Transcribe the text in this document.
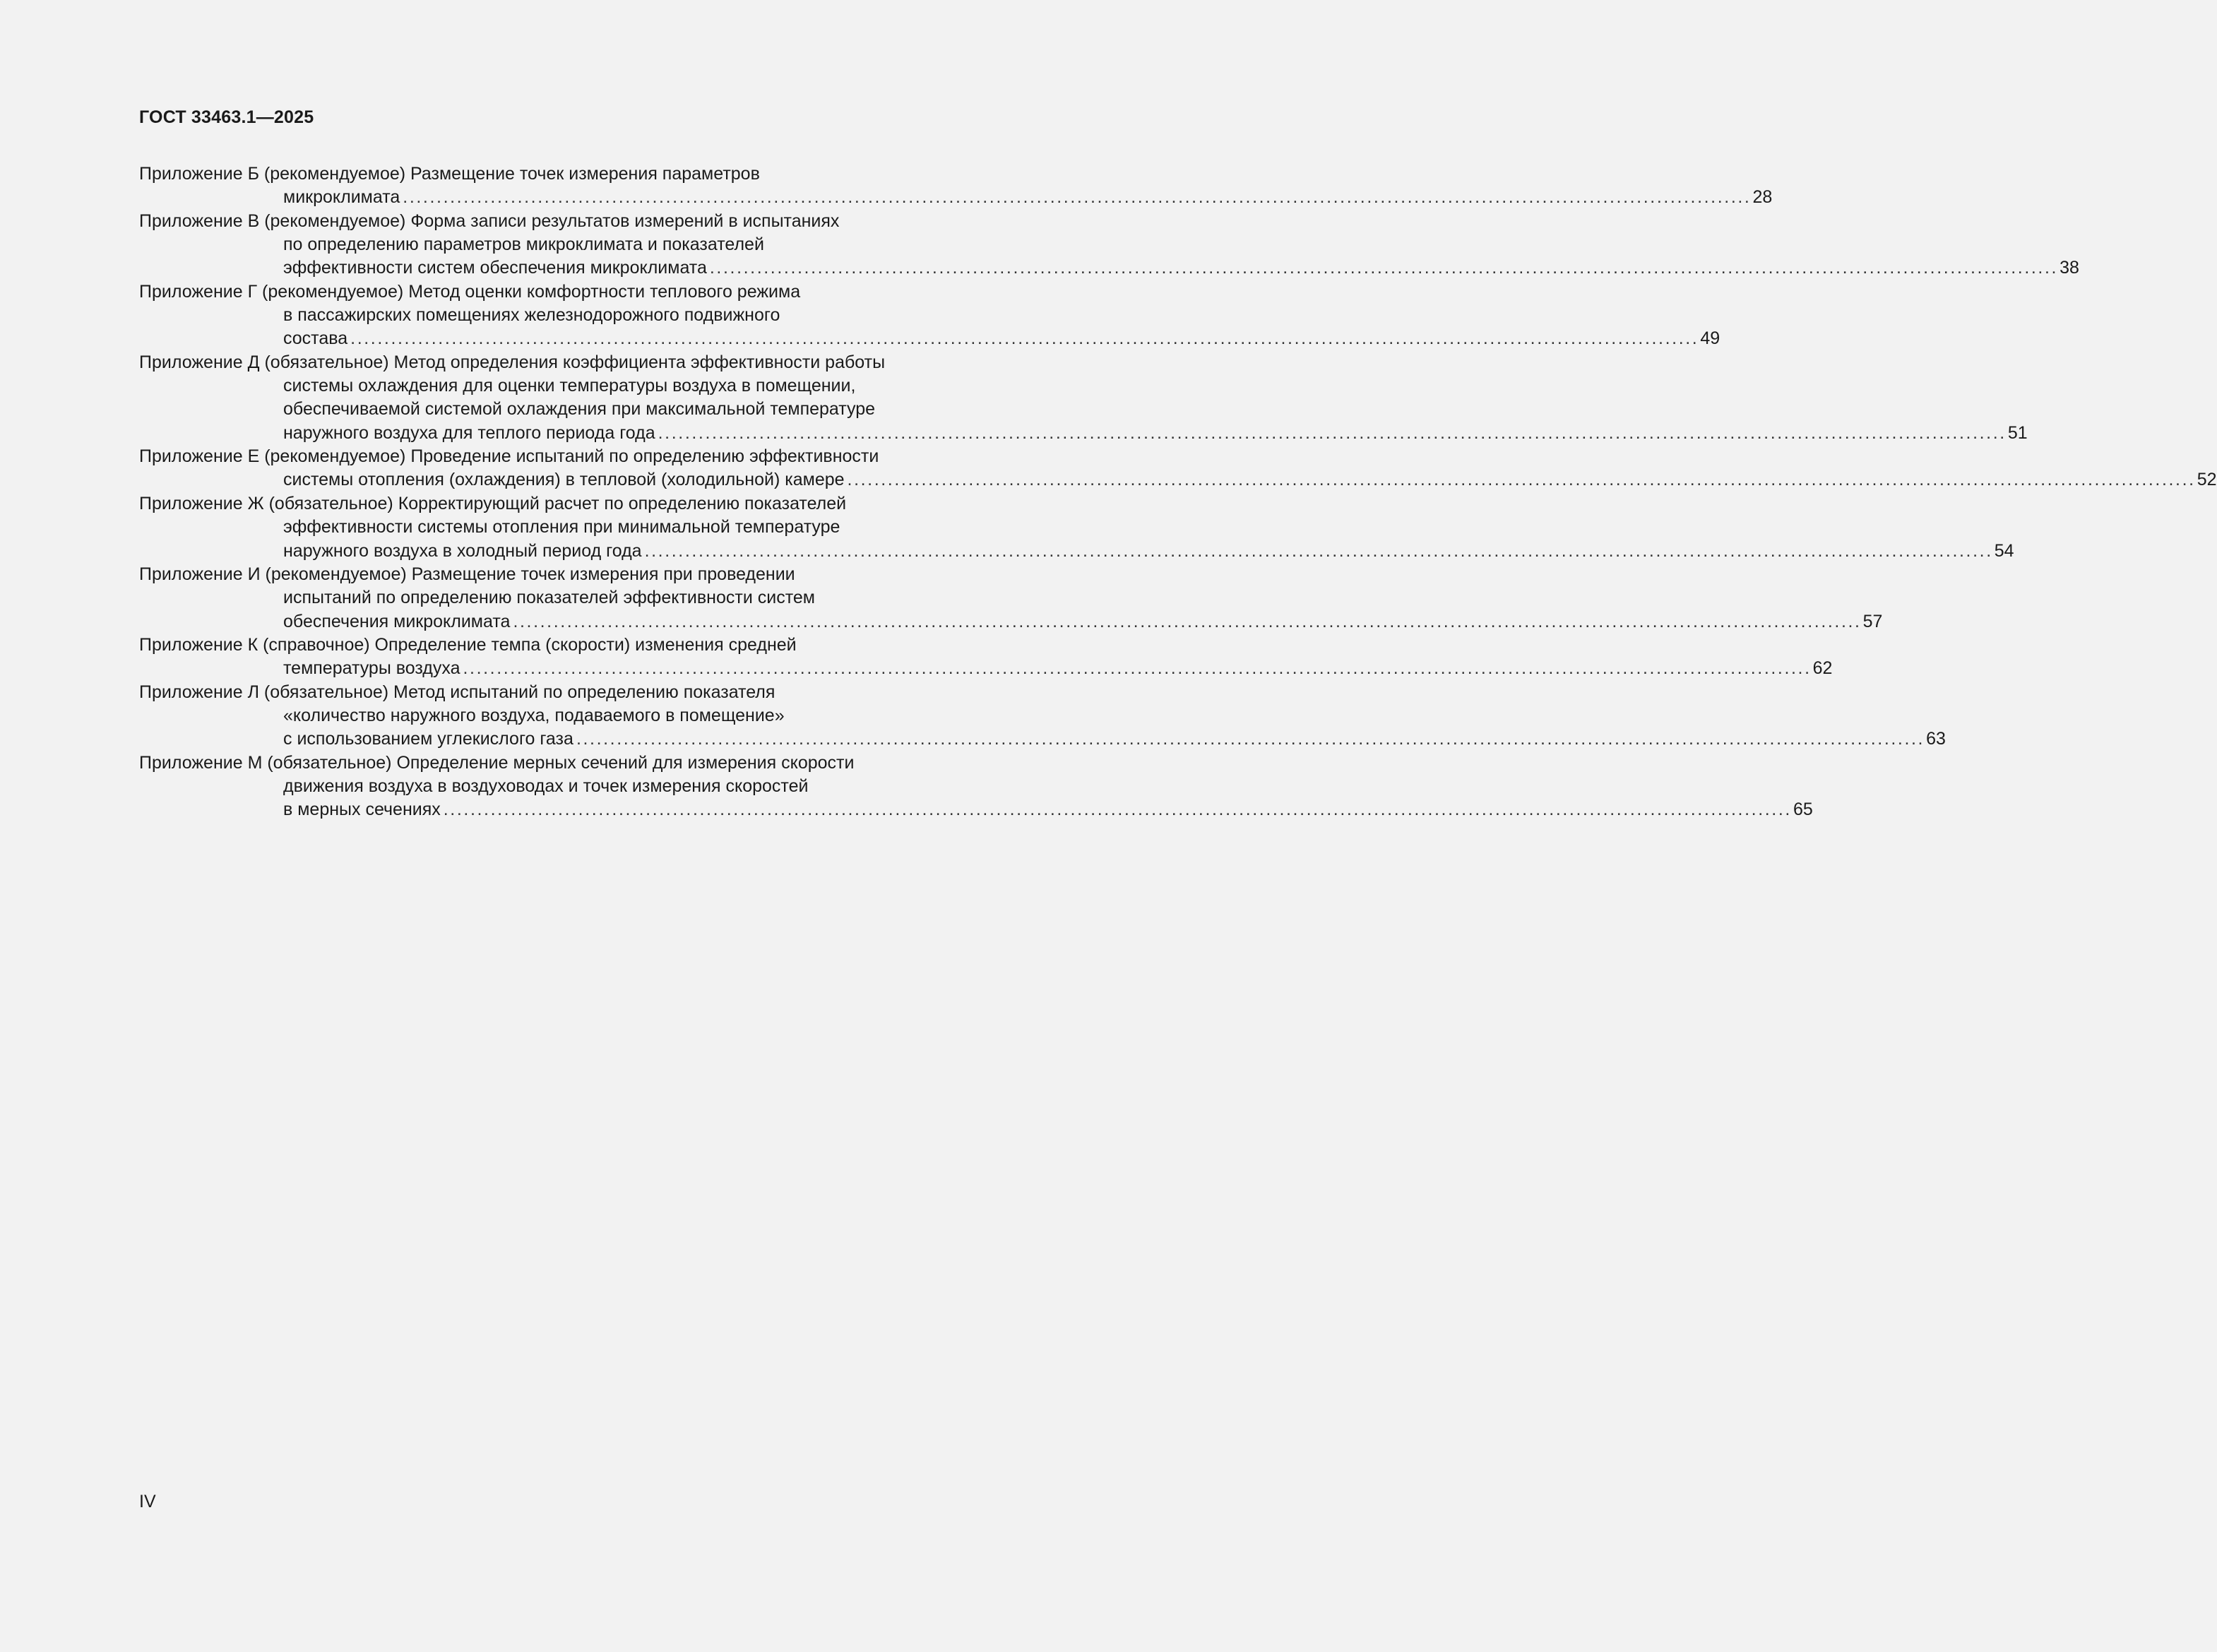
ГОСТ 33463.1—2025
Приложение Б (рекомендуемое) Размещение точек измерения параметров
микроклимата ........................................................................................................................................................................................................ 28
Приложение В (рекомендуемое) Форма записи результатов измерений в испытаниях
по определению параметров микроклимата и показателей
эффективности систем обеспечения микроклимата ........................................................................................................................................................................................................ 38
Приложение Г (рекомендуемое) Метод оценки комфортности теплового режима
в пассажирских помещениях железнодорожного подвижного
состава ........................................................................................................................................................................................................ 49
Приложение Д (обязательное) Метод определения коэффициента эффективности работы
системы охлаждения для оценки температуры воздуха в помещении,
обеспечиваемой системой охлаждения при максимальной температуре
наружного воздуха для теплого периода года ........................................................................................................................................................................................................ 51
Приложение Е (рекомендуемое) Проведение испытаний по определению эффективности
системы отопления (охлаждения) в тепловой (холодильной) камере ........................................................................................................................................................................................................ 52
Приложение Ж (обязательное) Корректирующий расчет по определению показателей
эффективности системы отопления при минимальной температуре
наружного воздуха в холодный период года ........................................................................................................................................................................................................ 54
Приложение И (рекомендуемое) Размещение точек измерения при проведении
испытаний по определению показателей эффективности систем
обеспечения микроклимата ........................................................................................................................................................................................................ 57
Приложение К (справочное) Определение темпа (скорости) изменения средней
температуры воздуха ........................................................................................................................................................................................................ 62
Приложение Л (обязательное) Метод испытаний по определению показателя
«количество наружного воздуха, подаваемого в помещение»
с использованием углекислого газа ........................................................................................................................................................................................................ 63
Приложение М (обязательное) Определение мерных сечений для измерения скорости
движения воздуха в воздуховодах и точек измерения скоростей
в мерных сечениях ........................................................................................................................................................................................................ 65
IV
